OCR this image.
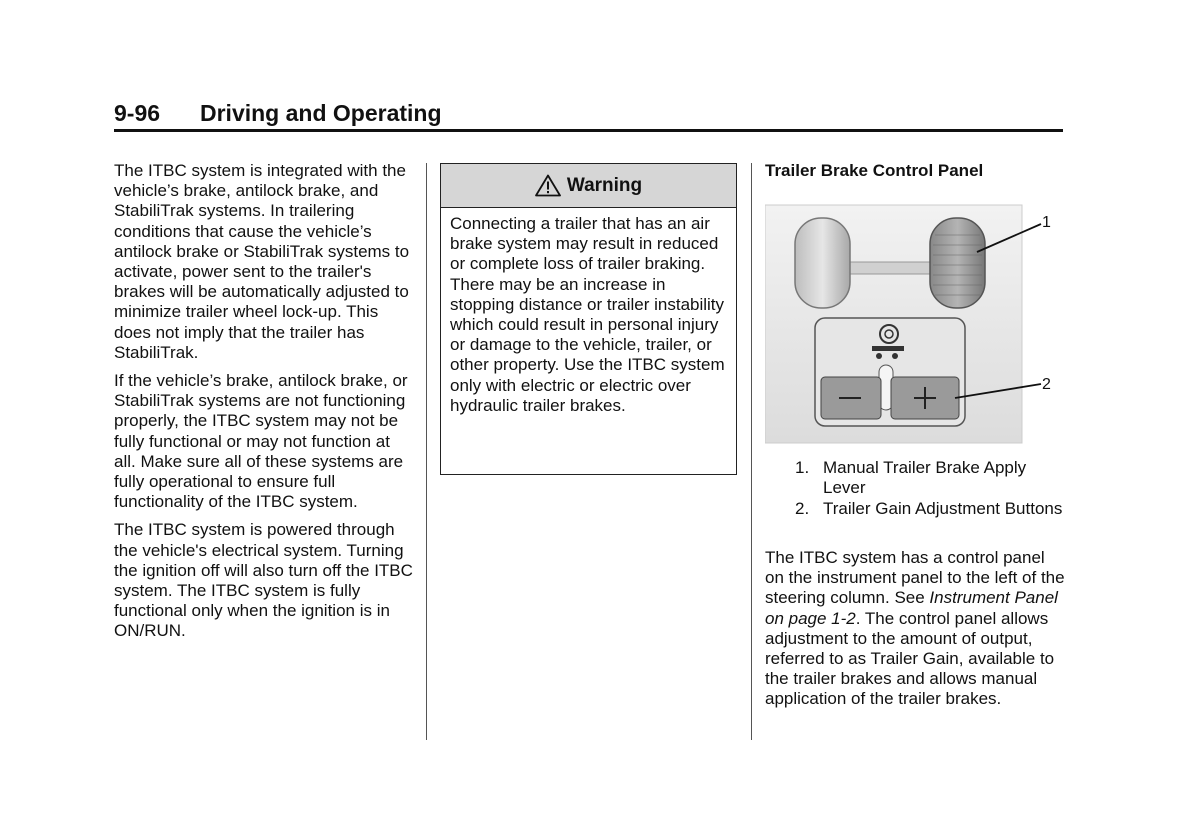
9-96 Driving and Operating

The ITBC system is integrated with the vehicle’s brake, antilock brake, and StabiliTrak systems. In trailering conditions that cause the vehicle’s antilock brake or StabiliTrak systems to activate, power sent to the trailer's brakes will be automatically adjusted to minimize trailer wheel lock-up. This does not imply that the trailer has StabiliTrak.

If the vehicle’s brake, antilock brake, or StabiliTrak systems are not functioning properly, the ITBC system may not be fully functional or may not function at all. Make sure all of these systems are fully operational to ensure full functionality of the ITBC system.

The ITBC system is powered through the vehicle's electrical system. Turning the ignition off will also turn off the ITBC system. The ITBC system is fully functional only when the ignition is in ON/RUN.

Warning
Connecting a trailer that has an air brake system may result in reduced or complete loss of trailer braking. There may be an increase in stopping distance or trailer instability which could result in personal injury or damage to the vehicle, trailer, or other property. Use the ITBC system only with electric or electric over hydraulic trailer brakes.
Trailer Brake Control Panel
1
2
1. Manual Trailer Brake Apply Lever
2. Trailer Gain Adjustment Buttons

The ITBC system has a control panel on the instrument panel to the left of the steering column. See Instrument Panel on page 1-2. The control panel allows adjustment to the amount of output, referred to as Trailer Gain, available to the trailer brakes and allows manual application of the trailer brakes.
